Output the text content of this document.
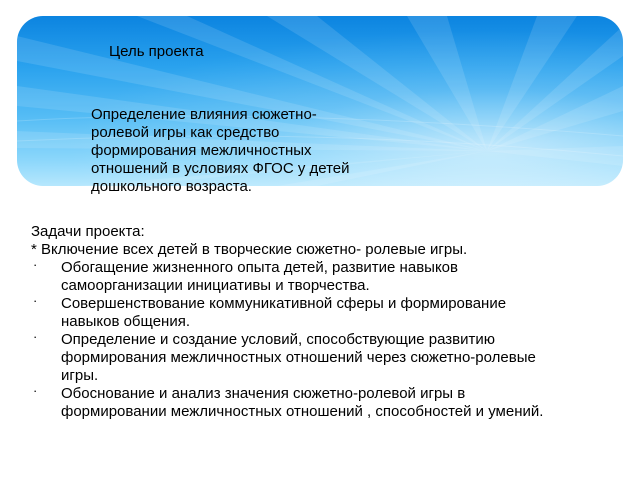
Цель проекта
Определение влияния сюжетно-
ролевой игры как средство
формирования межличностных
отношений в условиях ФГОС у детей
дошкольного возраста.
Задачи проекта:
* Включение всех детей в творческие сюжетно- ролевые игры.
· Обогащение жизненного опыта детей, развитие навыков
самоорганизации инициативы и творчества.
· Совершенствование коммуникативной сферы и формирование
навыков общения.
· Определение и создание условий, способствующие развитию
формирования межличностных отношений через сюжетно-ролевые
игры.
· Обоснование и анализ значения сюжетно-ролевой игры в
формировании межличностных отношений , способностей и умений.
